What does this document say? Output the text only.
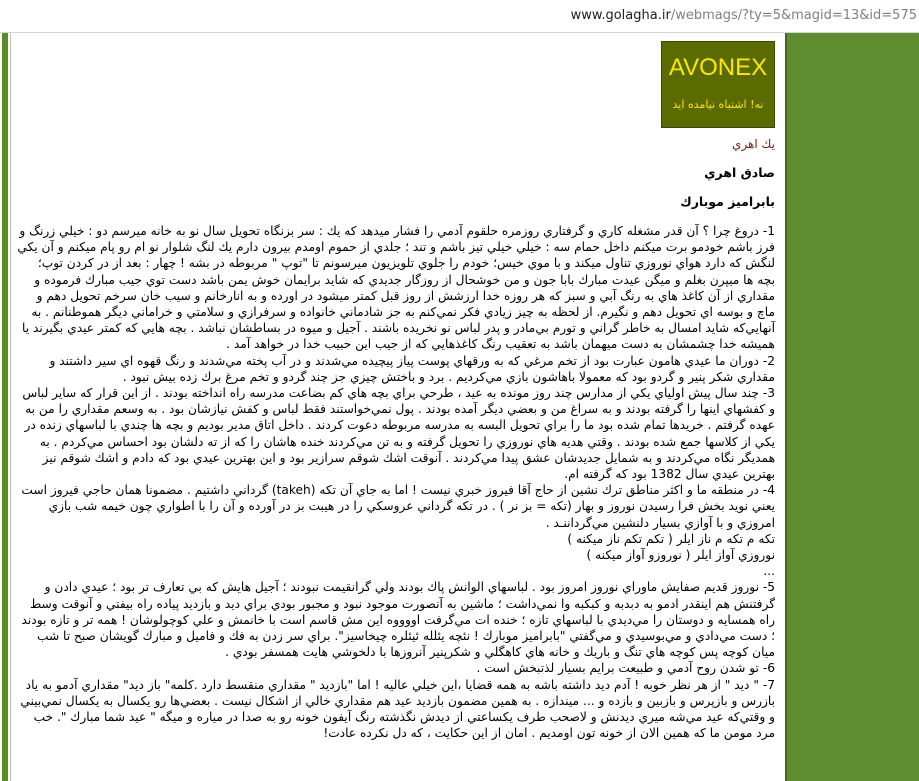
www.golagha.ir/webmags/?ty=5&magid=13&id=575
AVONEX
نه! اشتباه نیامده اید
يك اهري
صادق اهري
بابراميز موبارك

1- دروغ چرا ؟ آن قدر مشغله كاري و گرفتاري روزمره حلقوم آدمي را فشار ميدهد كه يك : سر بزنگاه تحويل سال نو به خانه ميرسم دو : خيلي زرنگ و فرز باشم خودمو برت ميكنم داخل حمام سه : خيلي خيلي تيز باشم و تند ؛ جلدي از حموم اومدم بيرون دارم يك لنگ شلوار نو ام رو پام ميكنم و آن يكي لنگش كه دارد هواي نوروزي تناول ميكند و با موي خيس؛ خودم را جلوي تلويزيون ميرسونم تا "توپ " مربوطه در بشه ! چهار : بعد از در كردن توپ؛ بچه ها ميپرن بغلم و ميگن عيدت مبارك بابا جون و من خوشحال از روزگار جديدي كه شايد برايمان خوش يمن باشد دست توي جيب مبارك فرموده و مقداري از آن كاغذ هاي به رنگ آبي و سبز كه هر روزه خدا ارزشش از روز قبل كمتر ميشود در اورده و به انارخانم و سيب خان سرخم تحويل دهم و ماچ و بوسه اي تحويل دهم و نگيرم. از لحظه به چيز زيادي فكر نمي‌كنم به جز شادماني خانواده و سرفرازي و سلامتي و خراماني ديگر هموطنانم . به آنهايي‌كه شايد امسال به خاطر گراني و تورم بي‌مادر و پدر لباس نو نخريده باشند . آجيل و ميوه در بساطشان نباشد . بچه هايي كه كمتر عيدي بگيرند يا هميشه خدا چشمشان به دست ميهمان باشد به تعقيب رنگ كاغذهايي كه از جيب اين حبيب خدا در خواهد آمد .

2- دوران ما عيدي هامون عبارت بود از تخم مرغي كه به ورقهاي پوست پياز پيچيده مي‌شدند و در آب پخته مي‌شدند و رنگ قهوه اي سير داشتند و مقداري شكر پنير و گردو بود كه معمولا باهاشون بازي مي‌كرديم . برد و باختش چيزي جز چند گردو و تخم مرغ برك زده بيش نبود .

3- چند سال پيش اولياي يكي از مدارس چند روز مونده به عيد ، طرحي براي بچه هاي كم بضاعت مدرسه راه انداخته بودند . از اين قرار كه ساير لباس و كفشهاي اينها را گرفته بودند و به سراغ من و بعضي ديگر آمده بودند . پول نمي‌خواستند فقط لباس و كفش نيازشان بود . به وسعم مقداري را من به عهده گرفتم . خريدها تمام شده بود ما را براي تحويل البسه به مدرسه مربوطه دعوت كردند . داخل اتاق مدير بوديم و بچه ها چندي با لباسهاي زنده در يكي از كلاسها جمع شده بودند . وقتي هديه هاي نوروزي را تحويل گرفته و به تن مي‌كردند خنده هاشان را كه از ته دلشان بود احساس مي‌كردم . به همديگر نگاه مي‌كردند و به شمايل جديدشان عشق پيدا مي‌كردند . آنوقت اشك شوقم سرازير بود و اين بهترين عيدي بود كه دادم و اشك شوقم نيز بهترين عيدي سال 1382 بود كه گرفته ام.

4- در منطقه ما و اكثر مناطق ترك نشين از حاج آقا فيروز خبري نيست ! اما به جاي آن تكه (takeh) گرداني داشتيم . مضمونا همان حاجي فيروز است يعني نويد بخش فرا رسيدن نوروز و بهار (تكه = بز نر ) . در تكه گرداني عروسكي را در هيبت بز در آورده و آن را با اطواري چون خيمه شب بازي امروزي و با آوازي بسيار دلنشين مي‌گرداننـد .

تكه م تكه م ناز ايلر ( تكم تكم ناز ميكنه )

نوروزي آواز ايلر ( نوروزو آواز ميكنه )

...

5- نوروز قديم صفايش ماوراي نوروز امروز بود . لباسهاي الوانش پاك بودند ولي گرانقيمت نبودند ؛ آجيل هايش كه بي تعارف تر بود ؛ عيدي دادن و گرفتنش هم اينقدر ادمو به دبدبه و كبكبه وا نمي‌داشت ؛ ماشين به آنصورت موجود نبود و مجبور بودي براي ديد و بازديد پياده راه بيفتي و آنوقت وسط راه همسايه و دوستان را مي‌ديدي با لباسهاي تازه ؛ خنده ات مي‌گرفت اووووه اين مش قاسم است با خانمش و علي كوچولوشان ! همه تر و تازه بودند ؛ دست مي‌دادي و مي‌بوسيدي و مي‌گفتي "بابراميز موبارك ! نئچه يئلله ئيئلره چيخاسيز". براي سر زدن به فك و فاميل و مبارك گويشان صبح تا شب ميان كوچه پس كوچه هاي تنگ و باريك و خانه هاي كاهگلي و شكرپنير آنروزها با دلخوشي هايت همسفر بودي .

6- تو شدن روح آدمي و طبيعت برايم بسيار لذتبخش است .

7- " ديد " از هر نظر خوبه ! آدم ديد داشته باشه به همه قضايا ،اين خيلي عاليه ! اما "بازديد " مقداري منقسط دارد .كلمه" باز ديد" مقداري آدمو به ياد بازرس و بازپرس و بازبين و بازده و ... ميندازه . به همين مضمون بازديد عيد هم مقداري خالي از اشكال نيست . بعضي‌ها رو يكسال به يكسال نمي‌بيني و وقتي‌كه عيد مي‌شه ميري ديدنش و لاصحب طرف يكساعتي از ديدش نگذشته رنگ آيفون خونه رو به صدا در مياره و ميگه " عيد شما مبارك ". خب مرد مومن ما كه همين الان از خونه تون اومديم . امان از اين حكايت ، كه دل نكرده عادت!
